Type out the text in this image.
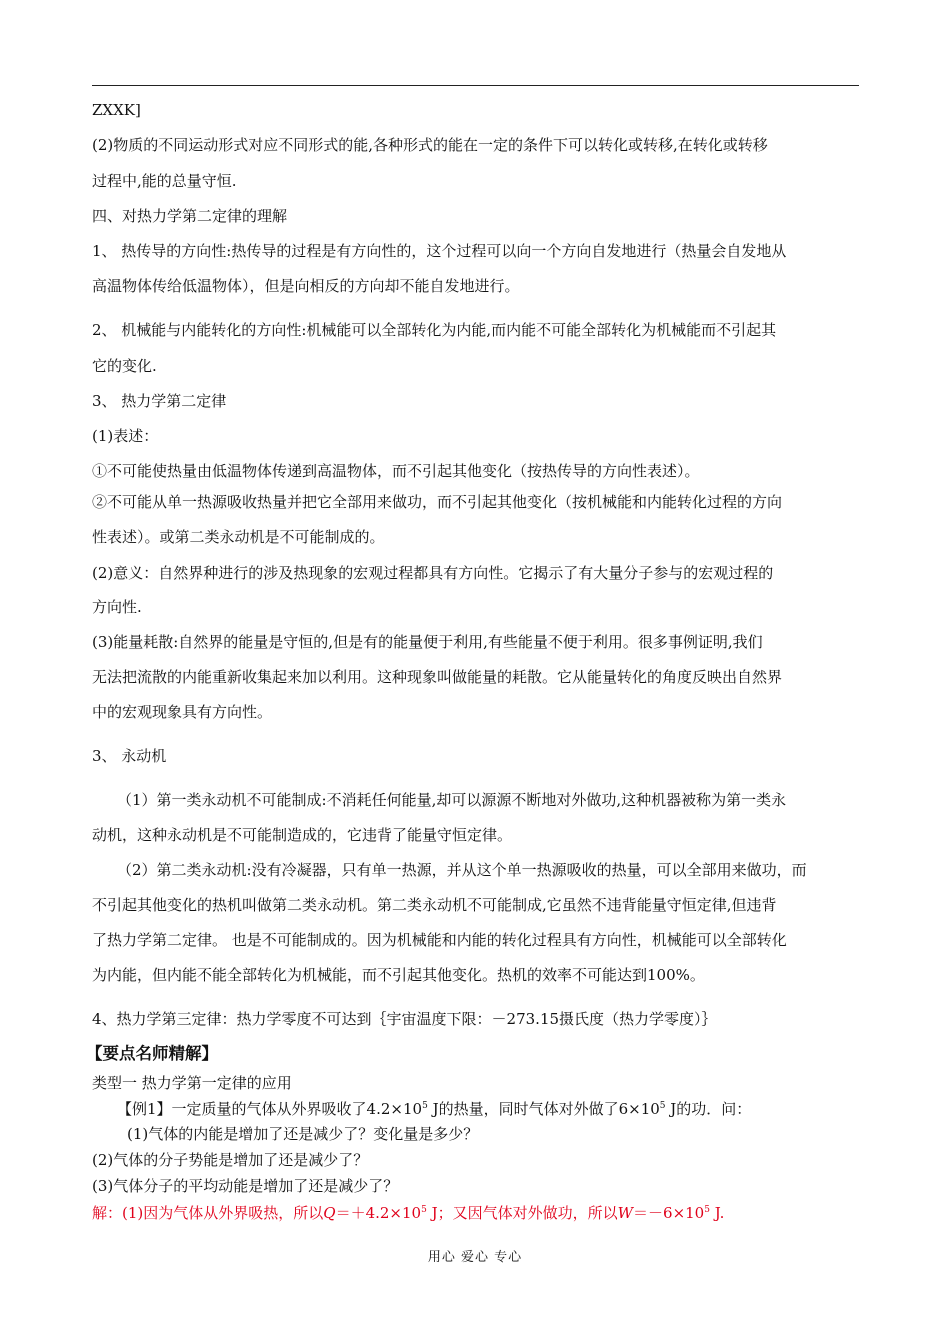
ZXXK]
(2)物质的不同运动形式对应不同形式的能,各种形式的能在一定的条件下可以转化或转移,在转化或转移
过程中,能的总量守恒.
四、对热力学第二定律的理解
1、 热传导的方向性:热传导的过程是有方向性的，这个过程可以向一个方向自发地进行（热量会自发地从
高温物体传给低温物体），但是向相反的方向却不能自发地进行。
2、 机械能与内能转化的方向性:机械能可以全部转化为内能,而内能不可能全部转化为机械能而不引起其
它的变化.
3、 热力学第二定律
(1)表述：
①不可能使热量由低温物体传递到高温物体，而不引起其他变化（按热传导的方向性表述）。
②不可能从单一热源吸收热量并把它全部用来做功，而不引起其他变化（按机械能和内能转化过程的方向
性表述）。或第二类永动机是不可能制成的。
(2)意义：自然界种进行的涉及热现象的宏观过程都具有方向性。它揭示了有大量分子参与的宏观过程的
方向性.
(3)能量耗散:自然界的能量是守恒的,但是有的能量便于利用,有些能量不便于利用。很多事例证明,我们
无法把流散的内能重新收集起来加以利用。这种现象叫做能量的耗散。它从能量转化的角度反映出自然界
中的宏观现象具有方向性。
3、 永动机
（1）第一类永动机不可能制成:不消耗任何能量,却可以源源不断地对外做功,这种机器被称为第一类永
动机，这种永动机是不可能制造成的，它违背了能量守恒定律。
（2）第二类永动机:没有冷凝器，只有单一热源，并从这个单一热源吸收的热量，可以全部用来做功，而
不引起其他变化的热机叫做第二类永动机。第二类永动机不可能制成,它虽然不违背能量守恒定律,但违背
了热力学第二定律。 也是不可能制成的。因为机械能和内能的转化过程具有方向性，机械能可以全部转化
为内能，但内能不能全部转化为机械能，而不引起其他变化。热机的效率不可能达到100%。
4、热力学第三定律：热力学零度不可达到｛宇宙温度下限：－273.15摄氏度（热力学零度）｝
【要点名师精解】
类型一 热力学第一定律的应用
【例1】一定质量的气体从外界吸收了$4.2\times 10^5$ J的热量，同时气体对外做了$6\times 10^5$ J的功．问：
(1)气体的内能是增加了还是减少了？变化量是多少？
(2)气体的分子势能是增加了还是减少了？
(3)气体分子的平均动能是增加了还是减少了？
解：(1)因为气体从外界吸热，所以$Q=+4.2\times 10^5$ J；又因气体对外做功，所以$W=-6\times 10^5$ J.
用心 爱心 专心
